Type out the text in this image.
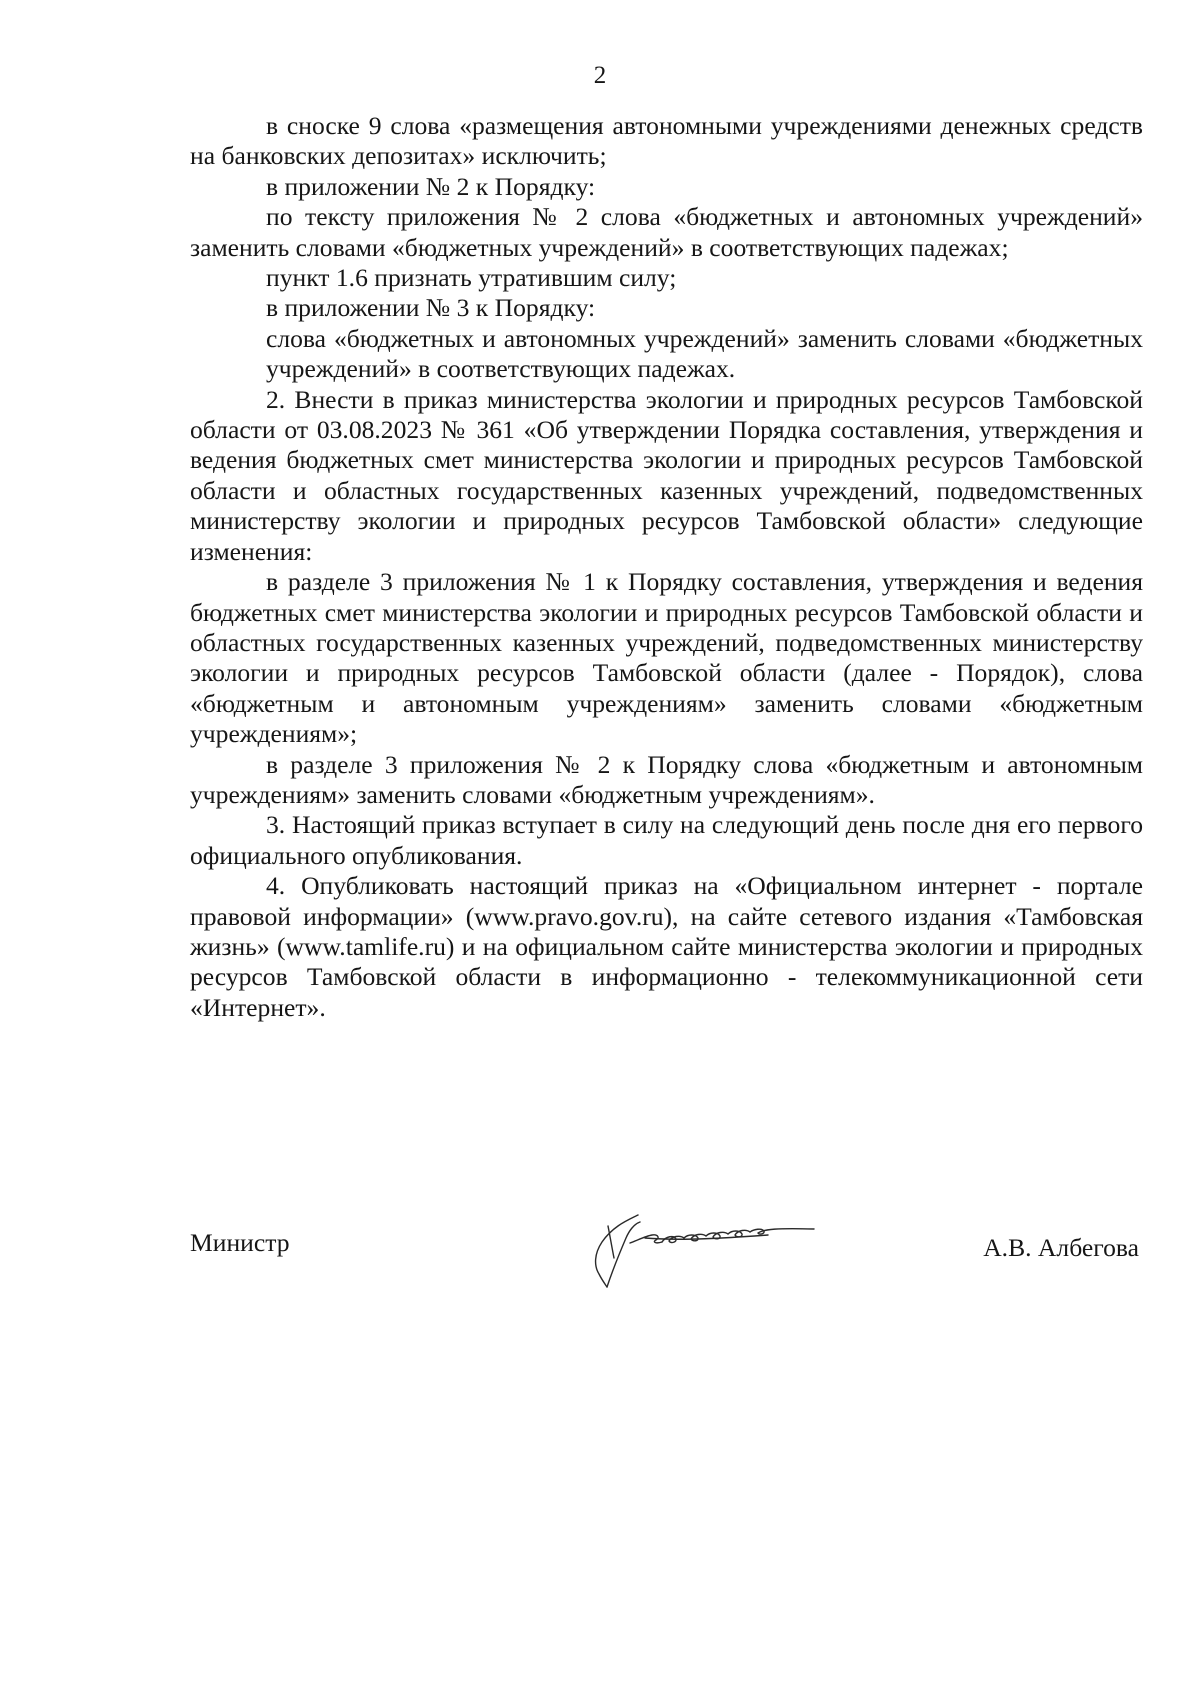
2

в сноске 9 слова «размещения автономными учреждениями денежных средств на банковских депозитах» исключить;

в приложении № 2 к Порядку:

по тексту приложения № 2 слова «бюджетных и автономных учреждений» заменить словами «бюджетных учреждений» в соответствующих падежах;

пункт 1.6 признать утратившим силу;

в приложении № 3 к Порядку:

слова «бюджетных и автономных учреждений» заменить словами «бюджетных учреждений» в соответствующих падежах.

2. Внести в приказ министерства экологии и природных ресурсов Тамбовской области от 03.08.2023 № 361 «Об утверждении Порядка составления, утверждения и ведения бюджетных смет министерства экологии и природных ресурсов Тамбовской области и областных государственных казенных учреждений, подведомственных министерству экологии и природных ресурсов Тамбовской области» следующие изменения:

в разделе 3 приложения № 1 к Порядку составления, утверждения и ведения бюджетных смет министерства экологии и природных ресурсов Тамбовской области и областных государственных казенных учреждений, подведомственных министерству экологии и природных ресурсов Тамбовской области (далее - Порядок), слова «бюджетным и автономным учреждениям» заменить словами «бюджетным учреждениям»;

в разделе 3 приложения № 2 к Порядку слова «бюджетным и автономным учреждениям» заменить словами «бюджетным учреждениям».

3. Настоящий приказ вступает в силу на следующий день после дня его первого официального опубликования.

4. Опубликовать настоящий приказ на «Официальном интернет - портале правовой информации» (www.pravo.gov.ru), на сайте сетевого издания «Тамбовская жизнь» (www.tamlife.ru) и на официальном сайте министерства экологии и природных ресурсов Тамбовской области в информационно - телекоммуникационной сети «Интернет».

Министр	А.В. Албегова
